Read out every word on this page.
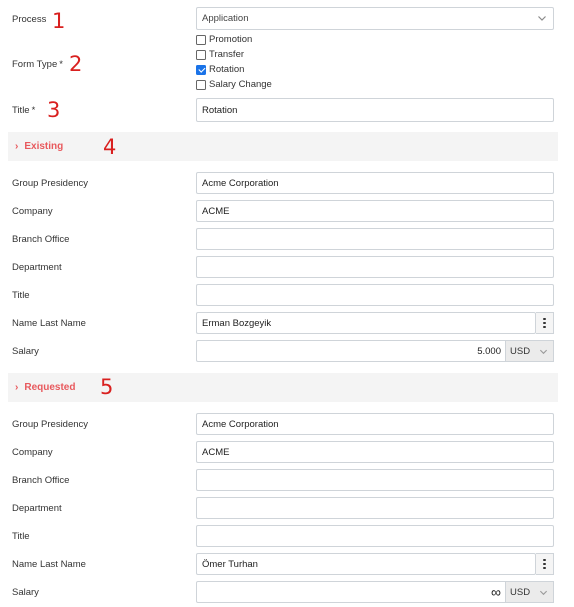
Process 1	Application
Form Type * 2
Promotion
Transfer
Rotation
Salary Change
Title * 3	Rotation
› Existing 4
Group Presidency	Acme Corporation
Company	ACME
Branch Office
Department
Title
Name Last Name	Erman Bozgeyik
Salary	5.000 USD
› Requested 5
Group Presidency	Acme Corporation
Company	ACME
Branch Office
Department
Title
Name Last Name	Ömer Turhan
Salary	∞ USD
